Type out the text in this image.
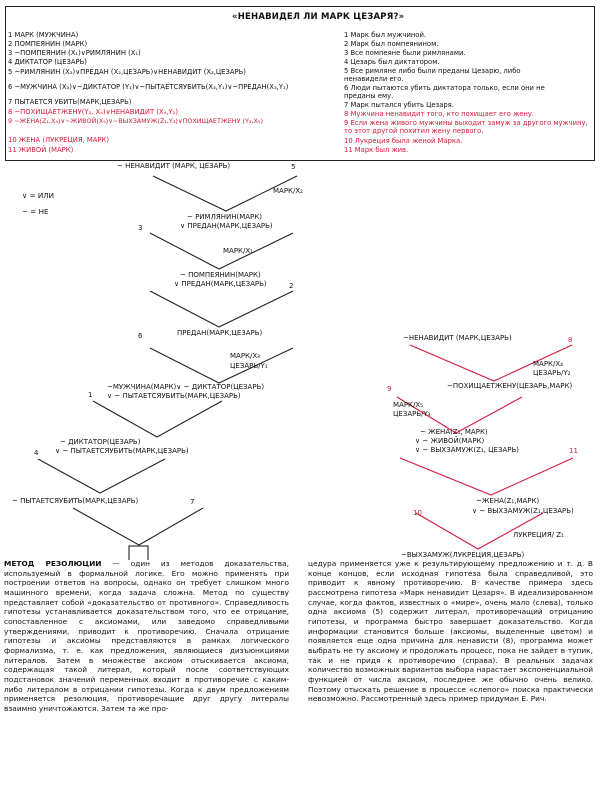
«НЕНАВИДЕЛ ЛИ МАРК ЦЕЗАРЯ?»
1 МАРК (МУЖЧИНА)
2 ПОМПЕЯНИН (МАРК)
3 ~ПОМПЕЯНИН (X₁)∨РИМЛЯНИН (X₁)
4 ДИКТАТОР (ЦЕЗАРЬ)
5 ~РИМЛЯНИН (X₂)∨ПРЕДАН (X₂,ЦЕЗАРЬ)∨НЕНАВИДИТ (X₂,ЦЕЗАРЬ)
6 ~МУЖЧИНА (X₃)∨~ДИКТАТОР (Y₁)∨~ПЫТАЕТСЯУБИТЬ(X₃,Y₁)∨~ПРЕДАН(X₃,Y₁)
7 ПЫТАЕТСЯ УБИТЬ(МАРК,ЦЕЗАРЬ)
8 ~ПОХИЩАЕТЖЕНУ(Y₂, X₄)∨НЕНАВИДИТ (X₄,Y₂)
9 ~ЖЕНА(Z₁,X₅)∨~ЖИВОЙ(X₅)∨~ВЫХЗАМУЖ(Z₁,Y₃)∨ПОХИЩАЕТЖЕНУ (Y₃,X₅)
10 ЖЕНА (ЛУКРЕЦИЯ, МАРК)
11 ЖИВОЙ (МАРК)
1 Марк был мужчиной.
2 Марк был помпеянином.
3 Все помпеяне были римлянами.
4 Цезарь был диктатором.
5 Все римляне либо были преданы Цезарю, либо ненавидели его.
6 Люди пытаются убить диктатора только, если они не преданы ему.
7 Марк пытался убить Цезаря.
8 Мужчина ненавидит того, кто похищает его жену.
9 Если жена живого мужчины выходит замуж за другого мужчину, то этот другой похитил жену первого.
10 Лукреция была женой Марка.
11 Марк был жив.
∨ = ИЛИ
~ = НЕ
5
3
2
6
1
4
7
~ НЕНАВИДИТ (МАРК, ЦЕЗАРЬ)
МАРК/X₂
~ РИМЛЯНИН(МАРК)
∨ ПРЕДАН(МАРК,ЦЕЗАРЬ)
МАРК/X₁
~ ПОМПЕЯНИН(МАРК)
∨ ПРЕДАН(МАРК,ЦЕЗАРЬ)
ПРЕДАН(МАРК,ЦЕЗАРЬ)
МАРК/X₃
ЦЕЗАРЬ/Y₁
~МУЖЧИНА(МАРК)∨ ~ ДИКТАТОР(ЦЕЗАРЬ)
∨ ~ ПЫТАЕТСЯУБИТЬ(МАРК,ЦЕЗАРЬ)
~ ДИКТАТОР(ЦЕЗАРЬ)
∨ ~ ПЫТАЕТСЯУБИТЬ(МАРК,ЦЕЗАРЬ)
~ ПЫТАЕТСЯУБИТЬ(МАРК,ЦЕЗАРЬ)
8
9
11
10
~НЕНАВИДИТ (МАРК,ЦЕЗАРЬ)
МАРК/X₄
ЦЕЗАРЬ/Y₂
~ПОХИЩАЕТЖЕНУ(ЦЕЗАРЬ,МАРК)
МАРК/X₅
ЦЕЗАРЬ/Y₃
~ ЖЕНА(Z₁, МАРК)
∨ ~ ЖИВОЙ(МАРК)
∨ ~ ВЫХЗАМУЖ(Z₁, ЦЕЗАРЬ)
~ЖЕНА(Z₁,МАРК)
∨ ~ ВЫХЗАМУЖ(Z₁,ЦЕЗАРЬ)
ЛУКРЕЦИЯ/ Z₁
~ВЫХЗАМУЖ(ЛУКРЕЦИЯ,ЦЕЗАРЬ)
МЕТОД РЕЗОЛЮЦИИ — один из методов доказательства, используемый в формальной логике. Его можно применять при построении ответов на вопросы, однако он требует слишком много машинного времени, когда задача сложна. Метод по существу представляет собой «доказательство от противного». Справедливость гипотезы устанавливается доказательством того, что ее отрицание, сопоставленное с аксиомами, или заведомо справедливыми утверждениями, приводит к противоречию. Сначала отрицание гипотезы и аксиомы представляются в рамках логического формализма, т. е. как предложения, являющиеся дизъюнкциями литералов. Затем в множестве аксиом отыскивается аксиома, содержащая такой литерал, который после соответствующих подстановок значений переменных входит в противоречие с каким-либо литералом в отрицании гипотезы. Когда к двум предложениям применяется резолюция, противоречащие друг другу литералы взаимно уничтожаются. Затем та же про-
цедура применяется уже к результирующему предложению и т. д. В конце концов, если исходная гипотеза была справедливой, это приводит к явному противоречию. В качестве примера здесь рассмотрена гипотеза «Марк ненавидит Цезаря». В идеализированном случае, когда фактов, известных о «мире», очень мало (слева), только одна аксиома (5) содержит литерал, противоречащий отрицанию гипотезы, и программа быстро завершает доказательство. Когда информации становится больше (аксиомы, выделенные цветом) и появляется еще одна причина для ненависти (8), программа может выбрать не ту аксиому и продолжать процесс, пока не зайдет в тупик, так и не придя к противоречию (справа). В реальных задачах количество возможных вариантов выбора нарастает экспоненциальной функцией от числа аксиом, последнее же обычно очень велико. Поэтому отыскать решение в процессе «слепого» поиска практически невозможно. Рассмотренный здесь пример придуман Е. Рич.
